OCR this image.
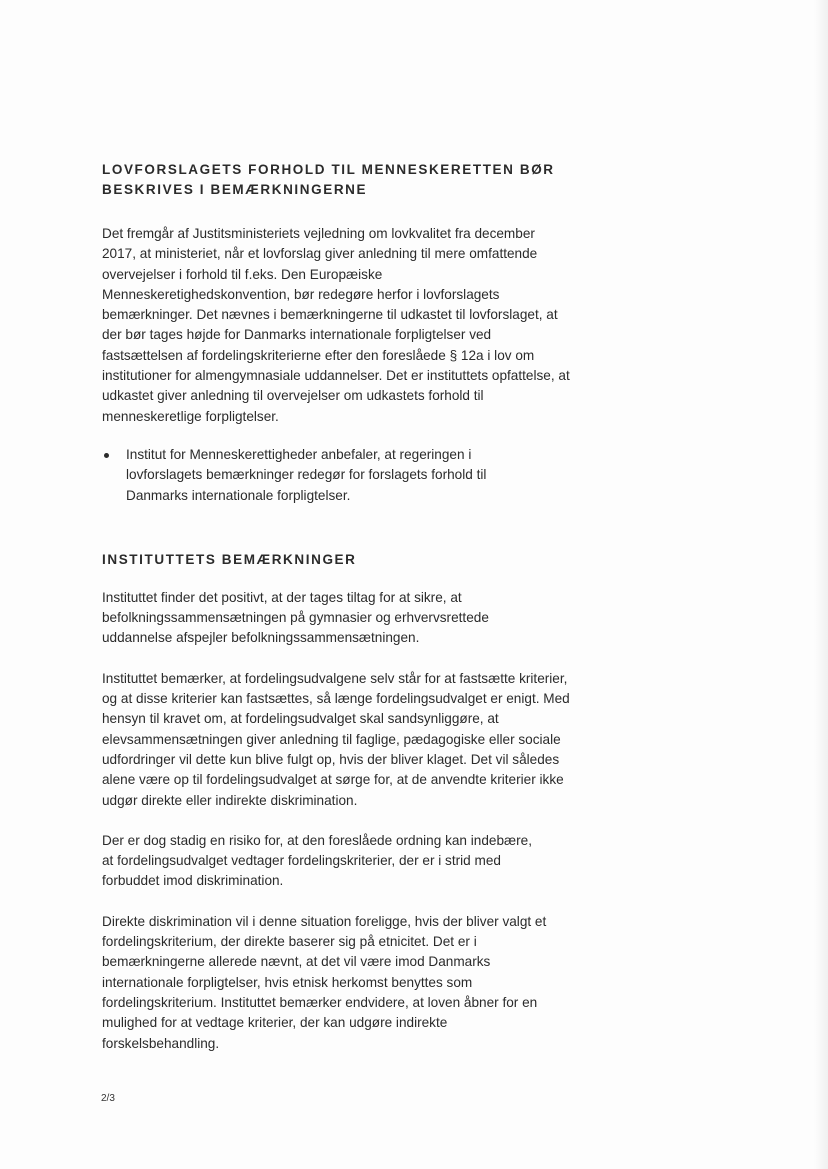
LOVFORSLAGETS FORHOLD TIL MENNESKERETTEN BØR BESKRIVES I BEMÆRKNINGERNE

Det fremgår af Justitsministeriets vejledning om lovkvalitet fra december 2017, at ministeriet, når et lovforslag giver anledning til mere omfattende overvejelser i forhold til f.eks. Den Europæiske Menneskeretighedskonvention, bør redegøre herfor i lovforslagets bemærkninger. Det nævnes i bemærkningerne til udkastet til lovforslaget, at der bør tages højde for Danmarks internationale forpligtelser ved fastsættelsen af fordelingskriterierne efter den foreslåede § 12a i lov om institutioner for almengymnasiale uddannelser. Det er instituttets opfattelse, at udkastet giver anledning til overvejelser om udkastets forhold til menneskeretlige forpligtelser.

Institut for Menneskerettigheder anbefaler, at regeringen i lovforslagets bemærkninger redegør for forslagets forhold til Danmarks internationale forpligtelser.
INSTITUTTETS BEMÆRKNINGER

Instituttet finder det positivt, at der tages tiltag for at sikre, at befolkningssammensætningen på gymnasier og erhvervsrettede uddannelse afspejler befolkningssammensætningen.

Instituttet bemærker, at fordelingsudvalgene selv står for at fastsætte kriterier, og at disse kriterier kan fastsættes, så længe fordelingsudvalget er enigt. Med hensyn til kravet om, at fordelingsudvalget skal sandsynliggøre, at elevsammensætningen giver anledning til faglige, pædagogiske eller sociale udfordringer vil dette kun blive fulgt op, hvis der bliver klaget. Det vil således alene være op til fordelingsudvalget at sørge for, at de anvendte kriterier ikke udgør direkte eller indirekte diskrimination.

Der er dog stadig en risiko for, at den foreslåede ordning kan indebære, at fordelingsudvalget vedtager fordelingskriterier, der er i strid med forbuddet imod diskrimination.

Direkte diskrimination vil i denne situation foreligge, hvis der bliver valgt et fordelingskriterium, der direkte baserer sig på etnicitet. Det er i bemærkningerne allerede nævnt, at det vil være imod Danmarks internationale forpligtelser, hvis etnisk herkomst benyttes som fordelingskriterium. Instituttet bemærker endvidere, at loven åbner for en mulighed for at vedtage kriterier, der kan udgøre indirekte forskelsbehandling.

2/3
